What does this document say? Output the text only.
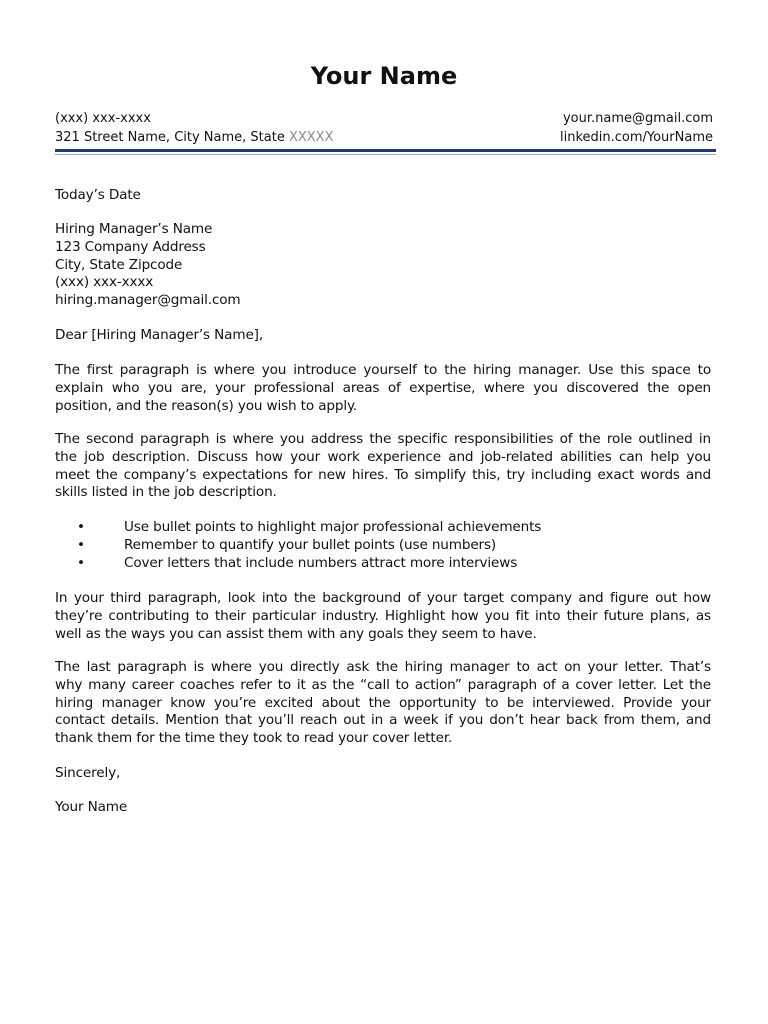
Your Name
(xxx) xxx-xxxx	your.name@gmail.com
321 Street Name, City Name, State XXXXX	linkedin.com/YourName
Today’s Date
Hiring Manager’s Name
123 Company Address
City, State Zipcode
(xxx) xxx-xxxx
hiring.manager@gmail.com
Dear [Hiring Manager’s Name],
The first paragraph is where you introduce yourself to the hiring manager. Use this space to
explain who you are, your professional areas of expertise, where you discovered the open
position, and the reason(s) you wish to apply.
The second paragraph is where you address the specific responsibilities of the role outlined in
the job description. Discuss how your work experience and job-related abilities can help you
meet the company’s expectations for new hires. To simplify this, try including exact words and
skills listed in the job description.
•	Use bullet points to highlight major professional achievements
•	Remember to quantify your bullet points (use numbers)
•	Cover letters that include numbers attract more interviews
In your third paragraph, look into the background of your target company and figure out how
they’re contributing to their particular industry. Highlight how you fit into their future plans, as
well as the ways you can assist them with any goals they seem to have.
The last paragraph is where you directly ask the hiring manager to act on your letter. That’s
why many career coaches refer to it as the “call to action” paragraph of a cover letter. Let the
hiring manager know you’re excited about the opportunity to be interviewed. Provide your
contact details. Mention that you’ll reach out in a week if you don’t hear back from them, and
thank them for the time they took to read your cover letter.
Sincerely,
Your Name
